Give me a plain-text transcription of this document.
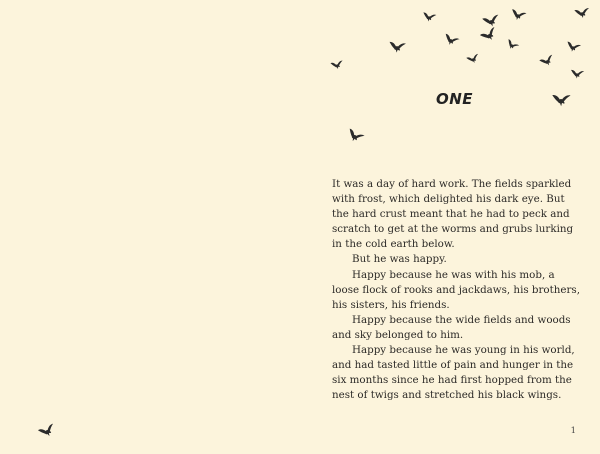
ONE

It was a day of hard work. The fields sparkled with frost, which delighted his dark eye. But the hard crust meant that he had to peck and scratch to get at the worms and grubs lurking in the cold earth below.

But he was happy.

Happy because he was with his mob, a loose flock of rooks and jackdaws, his brothers, his sisters, his friends.

Happy because the wide fields and woods and sky belonged to him.

Happy because he was young in his world, and had tasted little of pain and hunger in the six months since he had first hopped from the nest of twigs and stretched his black wings.

1
